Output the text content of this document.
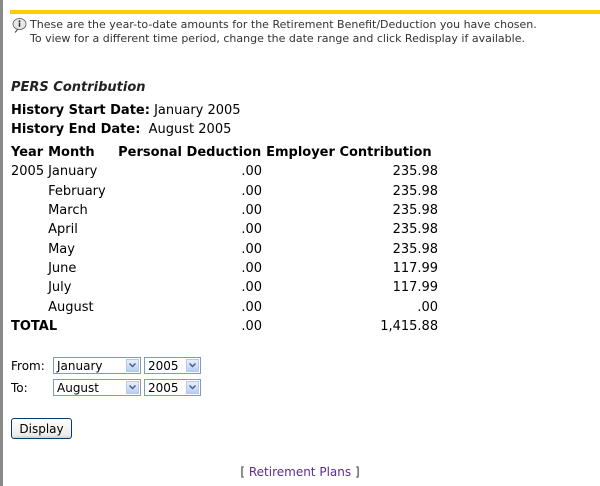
These are the year-to-date amounts for the Retirement Benefit/Deduction you have chosen.
To view for a different time period, change the date range and click Redisplay if available.
PERS Contribution
History Start Date: January 2005
History End Date: August 2005
Year	Month	Personal Deduction	Employer Contribution
2005	January	.00	235.98
	February	.00	235.98
	March	.00	235.98
	April	.00	235.98
	May	.00	235.98
	June	.00	117.99
	July	.00	117.99
	August	.00	.00
TOTAL		.00	1,415.88
From:	January	2005
To:	August	2005
Display
[ Retirement Plans ]
